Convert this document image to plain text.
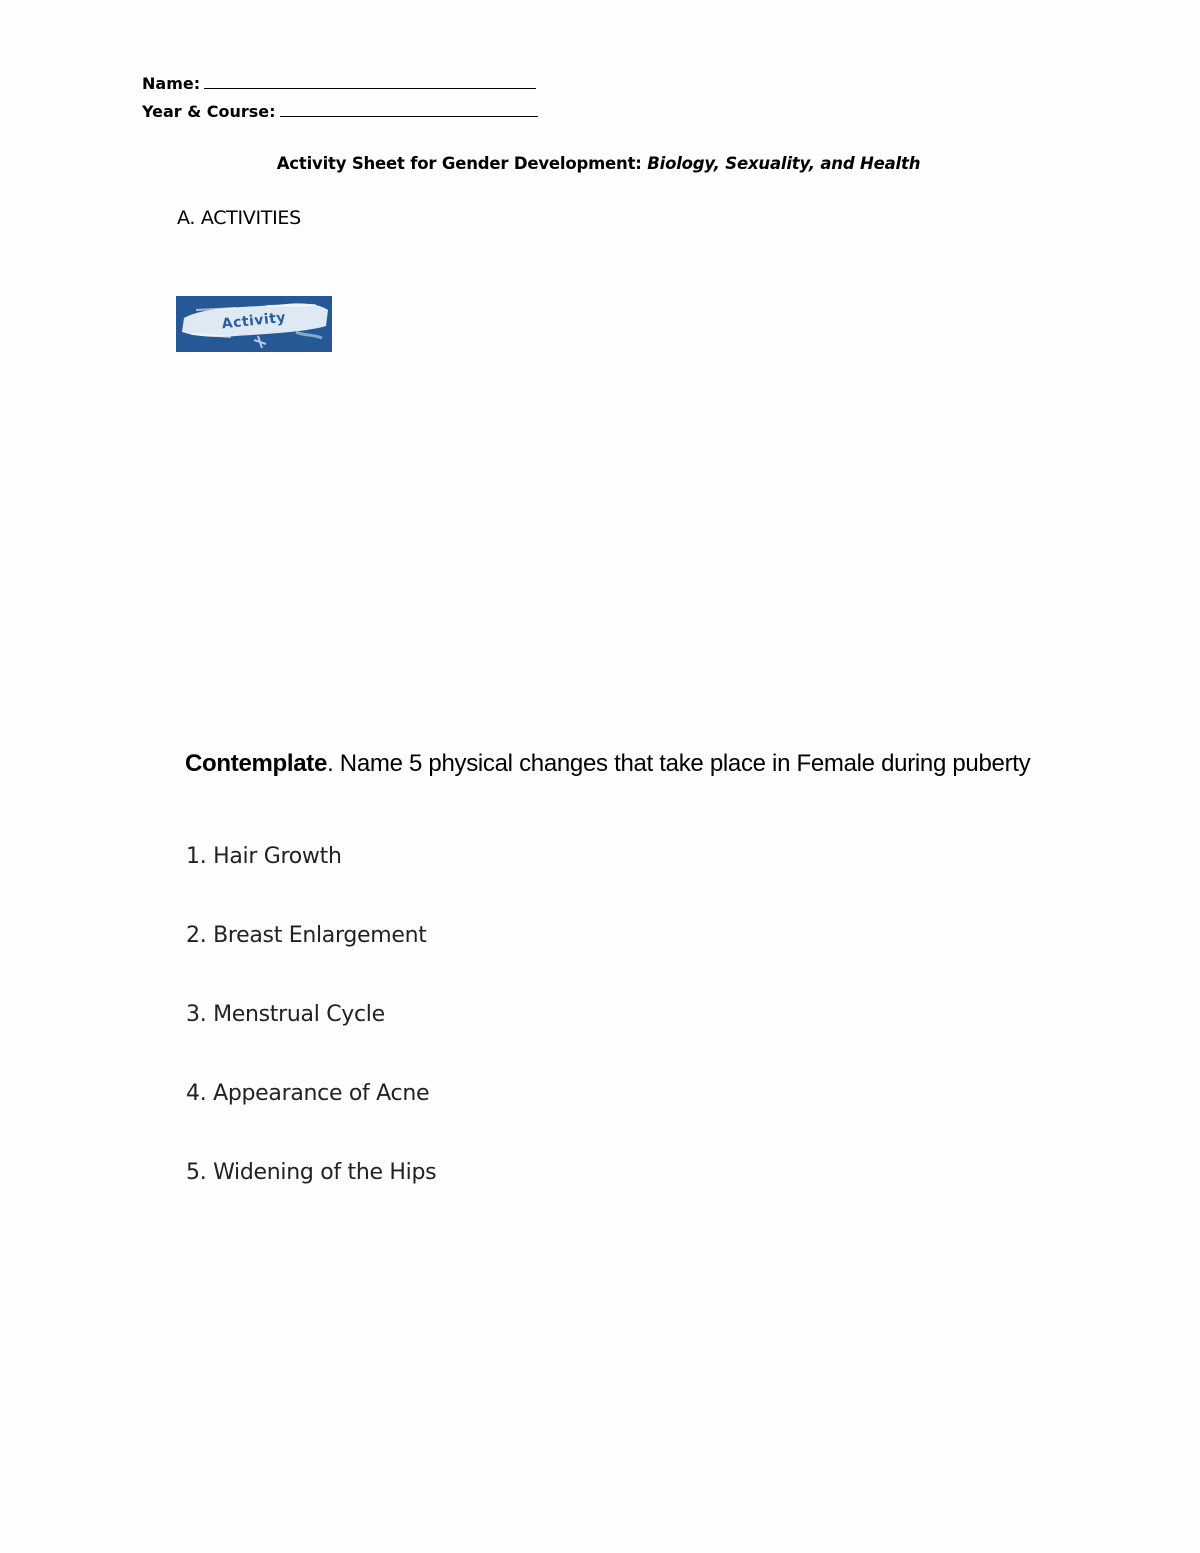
Name:
Year & Course:
Activity Sheet for Gender Development: Biology, Sexuality, and Health
A. ACTIVITIES
Activity
Contemplate. Name 5 physical changes that take place in Female during puberty
1. Hair Growth
2. Breast Enlargement
3. Menstrual Cycle
4. Appearance of Acne
5. Widening of the Hips
